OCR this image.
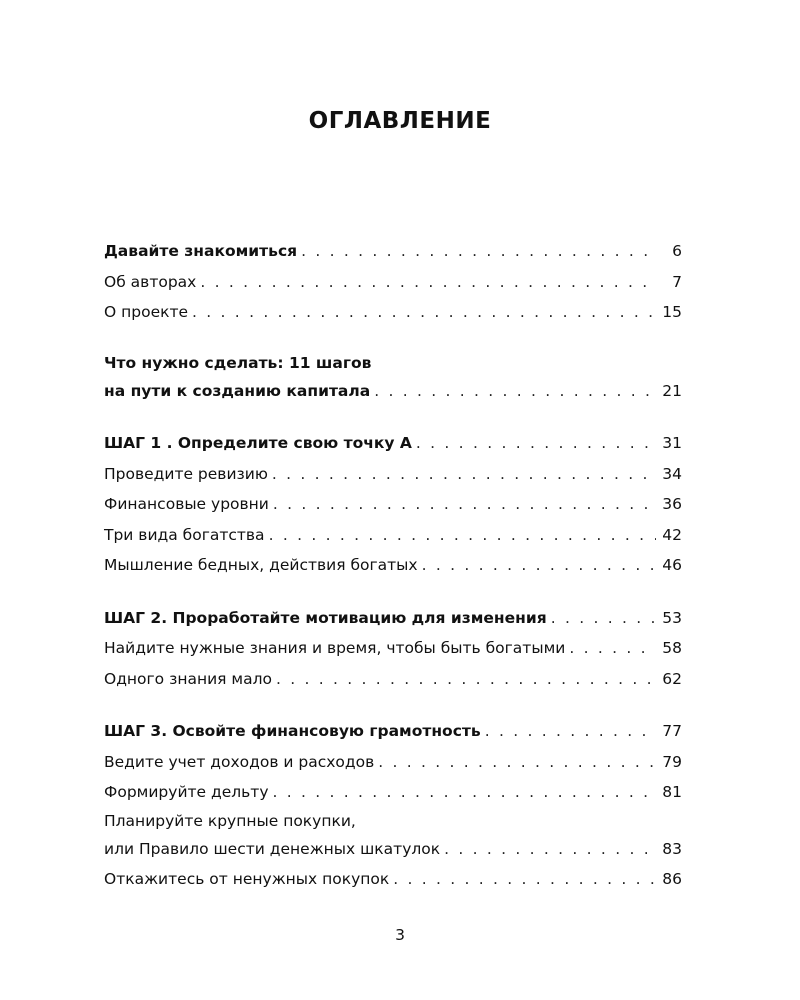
ОГЛАВЛЕНИЕ
Давайте знакомиться . . .	6
Об авторах . . .	7
О проекте . . .	15
Что нужно сделать: 11 шагов
на пути к созданию капитала . . .	21
ШАГ 1 . Определите свою точку А . . .	31
Проведите ревизию . . .	34
Финансовые уровни . . .	36
Три вида богатства . . .	42
Мышление бедных, действия богатых . . .	46
ШАГ 2. Проработайте мотивацию для изменения . . .	53
Найдите нужные знания и время, чтобы быть богатыми . . .	58
Одного знания мало . . .	62
ШАГ 3. Освойте финансовую грамотность . . .	77
Ведите учет доходов и расходов . . .	79
Формируйте дельту . . .	81
Планируйте крупные покупки,
или Правило шести денежных шкатулок . . .	83
Откажитесь от ненужных покупок . . .	86
3
